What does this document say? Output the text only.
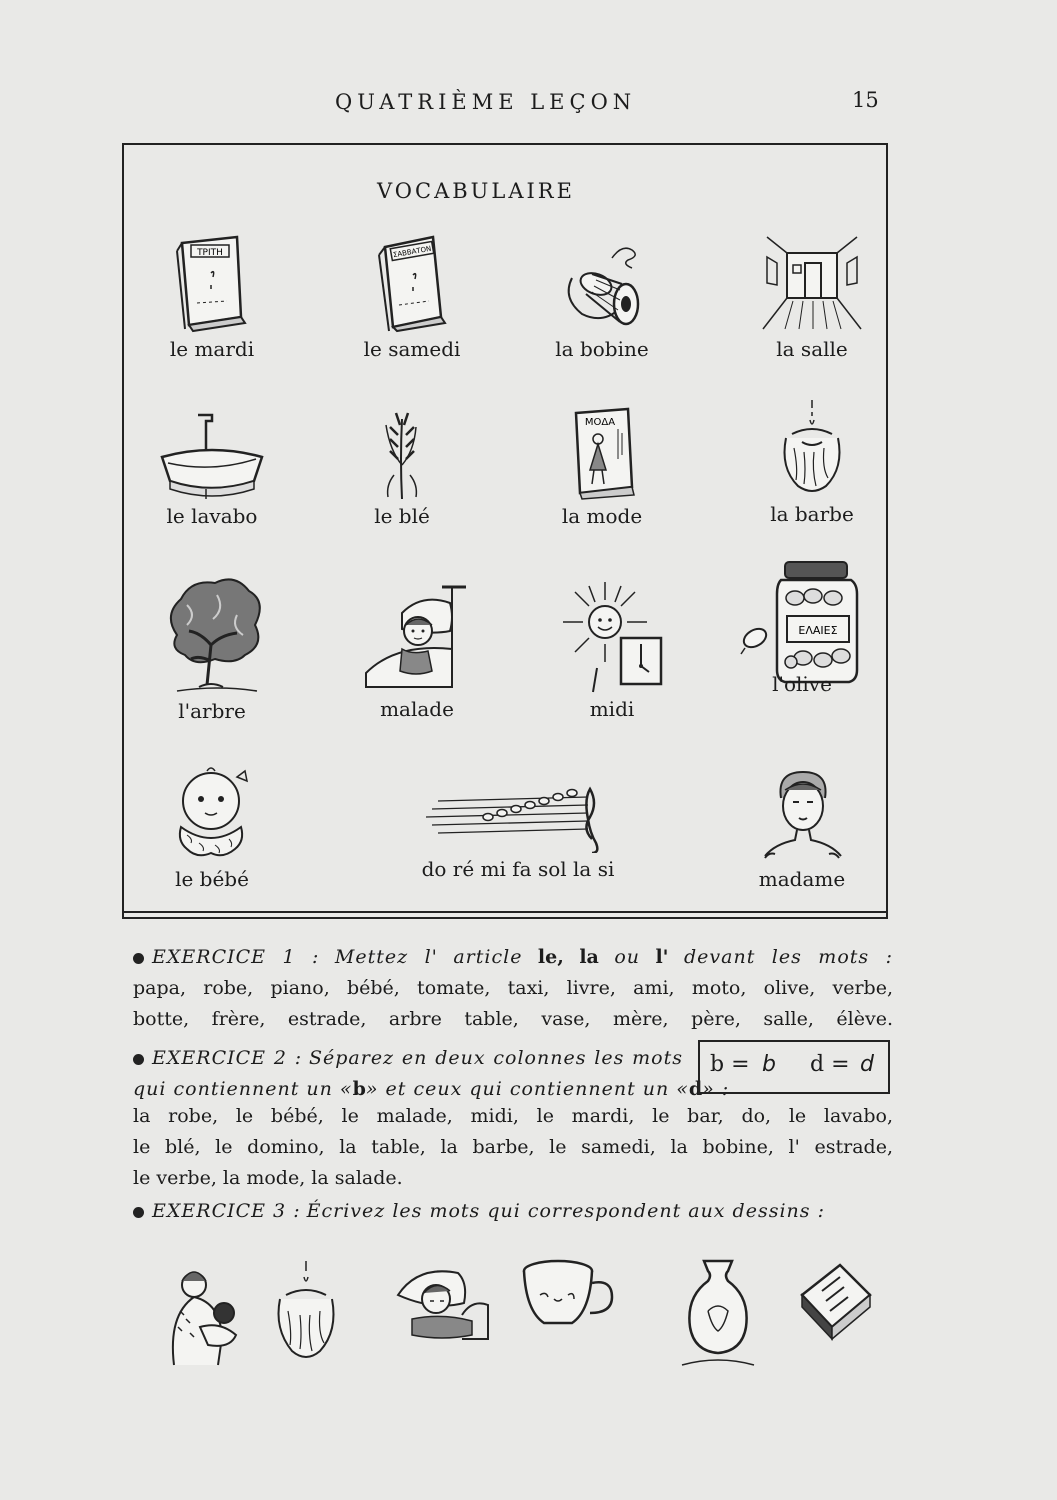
QUATRIÈME LEÇON	15
VOCABULAIRE
ΤΡΙΤΗ
le mardi
ΣΑΒΒΑΤΟΝ
le samedi	la bobine	la salle
le lavabo	le blé
ΜΟΔΑ
la mode	la barbe
l'arbre	malade	midi
ΕΛΑΙΕΣ
l'olive
le bébé	do ré mi fa sol la si	madame
EXERCICE 1 : Mettez l' article le, la ou l' devant les mots :
papa, robe, piano, bébé, tomate, taxi, livre, ami, moto, olive, verbe,
botte, frère, estrade, arbre table, vase, mère, père, salle, élève.
EXERCICE 2 : Séparez en deux colonnes les mots
qui contiennent un «b» et ceux qui contiennent un «d» :
b = b d = d
la robe, le bébé, le malade, midi, le mardi, le bar, do, le lavabo,
le blé, le domino, la table, la barbe, le samedi, la bobine, l' estrade,
le verbe, la mode, la salade.
EXERCICE 3 : Écrivez les mots qui correspondent aux dessins :
